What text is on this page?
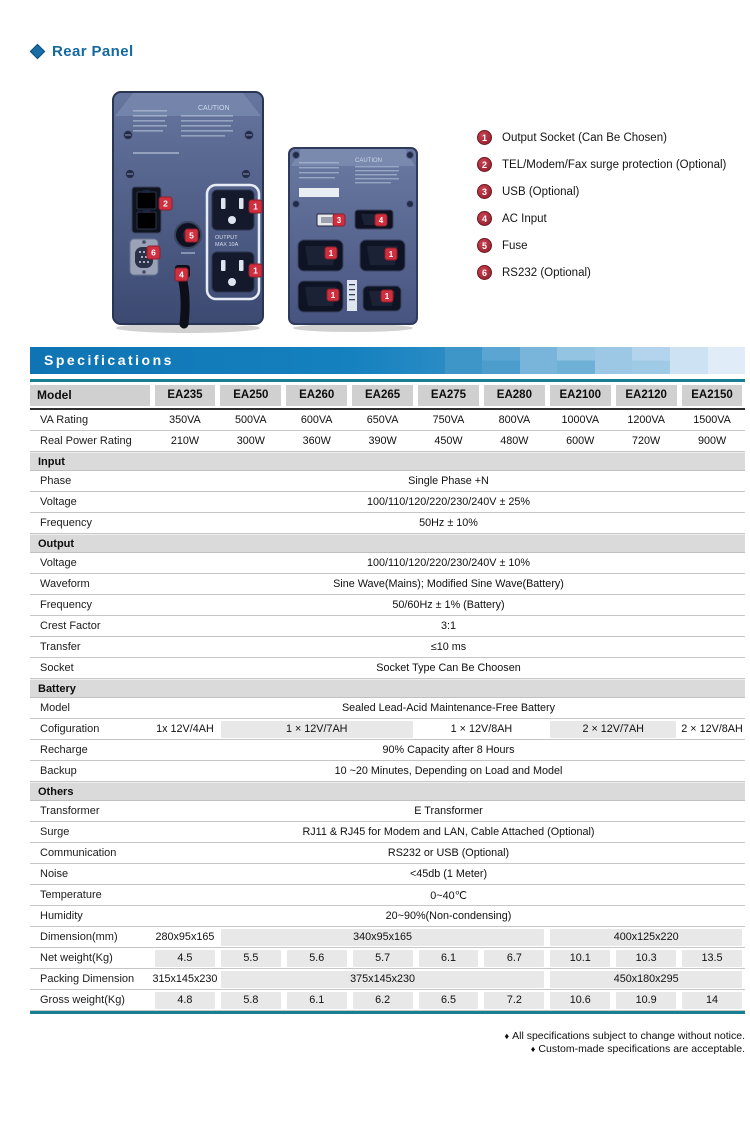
Rear Panel
CAUTION
OUTPUT
MAX 10A
2
6
5
4
1
1
CAUTION
3	4
1	1
1	1
1	Output Socket (Can Be Chosen)
2	TEL/Modem/Fax surge protection (Optional)
3	USB (Optional)
4	AC Input
5	Fuse
6	RS232 (Optional)
Specifications
Model	EA235	EA250	EA260	EA265	EA275	EA280	EA2100	EA2120	EA2150
VA Rating	350VA	500VA	600VA	650VA	750VA	800VA	1000VA	1200VA	1500VA
Real Power Rating	210W	300W	360W	390W	450W	480W	600W	720W	900W
Input
Phase	Single Phase +N
Voltage	100/110/120/220/230/240V ± 25%
Frequency	50Hz ± 10%
Output
Voltage	100/110/120/220/230/240V ± 10%
Waveform	Sine Wave(Mains); Modified Sine Wave(Battery)
Frequency	50/60Hz ± 1% (Battery)
Crest Factor	3:1
Transfer	≤10 ms
Socket	Socket Type Can Be Choosen
Battery
Model	Sealed Lead-Acid Maintenance-Free Battery
Cofiguration	1x 12V/4AH	1 × 12V/7AH	1 × 12V/8AH	2 × 12V/7AH	2 × 12V/8AH
Recharge	90% Capacity after 8 Hours
Backup	10 ~20 Minutes, Depending on Load and Model
Others
Transformer	E Transformer
Surge	RJ11 & RJ45 for Modem and LAN, Cable Attached (Optional)
Communication	RS232 or USB (Optional)
Noise	<45db (1 Meter)
Temperature	0~40℃
Humidity	20~90%(Non-condensing)
Dimension(mm)	280x95x165	340x95x165	400x125x220
Net weight(Kg)	4.5	5.5	5.6	5.7	6.1	6.7	10.1	10.3	13.5
Packing Dimension	315x145x230	375x145x230	450x180x295
Gross weight(Kg)	4.8	5.8	6.1	6.2	6.5	7.2	10.6	10.9	14
♦ All specifications subject to change without notice.
♦ Custom-made specifications are acceptable.
